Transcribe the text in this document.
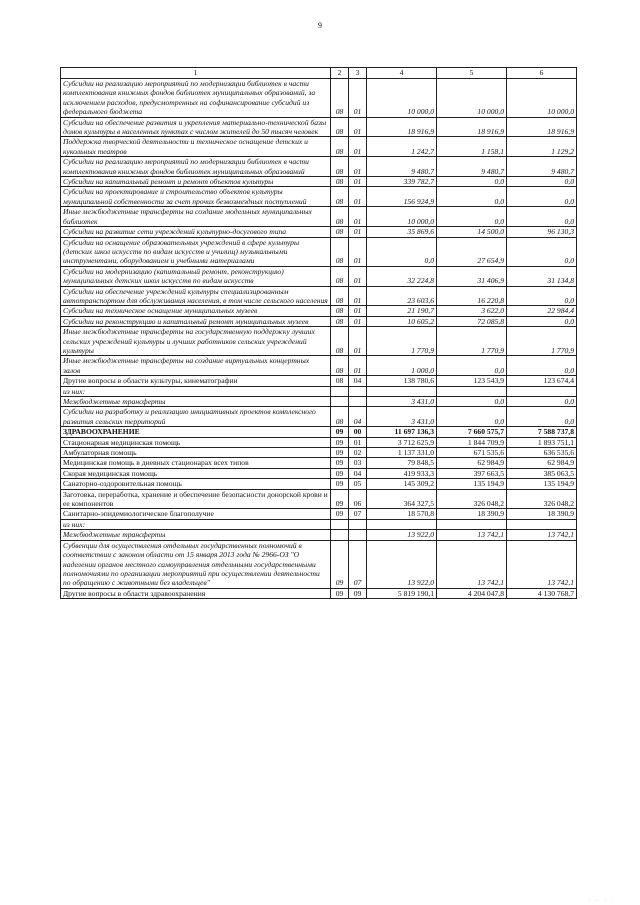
9
1	2	3	4	5	6
Субсидии на реализацию мероприятий по модернизации библиотек в части комплектования книжных фондов библиотек муниципальных образований, за исключением расходов, предусмотренных на софинансирование субсидий из федерального бюджета	08	01	10 000,0	10 000,0	10 000,0
Субсидии на обеспечение развития и укрепления материально-технической базы домов культуры в населенных пунктах с числом жителей до 50 тысяч человек	08	01	18 916,9	18 916,9	18 916,9
Поддержка творческой деятельности и техническое оснащение детских и кукольных театров	08	01	1 242,7	1 158,1	1 129,2
Субсидии на реализацию мероприятий по модернизации библиотек в части комплектования книжных фондов библиотек муниципальных образований	08	01	9 480,7	9 480,7	9 480,7
Субсидии на капитальный ремонт и ремонт объектов культуры	08	01	339 782,7	0,0	0,0
Субсидии на проектирование и строительство объектов культуры муниципальной собственности за счет прочих безвозмездных поступлений	08	01	156 924,9	0,0	0,0
Иные межбюджетные трансферты на создание модельных муниципальных библиотек	08	01	10 000,0	0,0	0,0
Субсидии на развитие сети учреждений культурно-досугового типа	08	01	35 869,6	14 500,0	96 130,3
Субсидии на оснащение образовательных учреждений в сфере культуры (детских школ искусств по видам искусств и училищ) музыкальными инструментами, оборудованием и учебными материалами	08	01	0,0	27 654,9	0,0
Субсидии на модернизацию (капитальный ремонт, реконструкцию) муниципальных детских школ искусств по видам искусств	08	01	32 224,8	31 406,9	31 134,8
Субсидии на обеспечение учреждений культуры специализированным автотранспортом для обслуживания населения, в том числе сельского населения	08	01	23 603,6	16 220,8	0,0
Субсидии на техническое оснащение муниципальных музеев	08	01	21 190,7	3 622,0	22 984,4
Субсидии на реконструкцию и капитальный ремонт муниципальных музеев	08	01	10 605,2	72 085,8	0,0
Иные межбюджетные трансферты на государственную поддержку лучших сельских учреждений культуры и лучших работников сельских учреждений культуры	08	01	1 770,9	1 770,9	1 770,9
Иные межбюджетные трансферты на создание виртуальных концертных залов	08	01	1 000,0	0,0	0,0
Другие вопросы в области культуры, кинематографии	08	04	138 780,6	123 543,9	123 674,4
из них:					
Межбюджетные трансферты			3 431,0	0,0	0,0
Субсидии на разработку и реализацию инициативных проектов комплексного развития сельских территорий	08	04	3 431,0	0,0	0,0
ЗДРАВООХРАНЕНИЕ	09	00	11 697 136,3	7 660 575,7	7 588 737,8
Стационарная медицинская помощь	09	01	3 712 625,9	1 844 709,9	1 893 751,1
Амбулаторная помощь	09	02	1 137 331,0	671 535,6	636 535,6
Медицинская помощь в дневных стационарах всех типов	09	03	79 848,5	62 984,9	62 984,9
Скорая медицинская помощь	09	04	419 933,3	397 663,5	385 063,5
Санаторно-оздоровительная помощь	09	05	145 309,2	135 194,9	135 194,9
Заготовка, переработка, хранение и обеспечение безопасности донорской крови и ее компонентов	09	06	364 327,5	326 048,2	326 048,2
Санитарно-эпидемиологическое благополучие	09	07	18 570,8	18 390,9	18 390,9
из них:					
Межбюджетные трансферты			13 922,0	13 742,1	13 742,1
Субвенции для осуществления отдельных государственных полномочий в соответствии с законом области от 15 января 2013 года № 2966-ОЗ "О наделении органов местного самоуправления отдельными государственными полномочиями по организации мероприятий при осуществлении деятельности по обращению с животными без владельцев"	09	07	13 922,0	13 742,1	13 742,1
Другие вопросы в области здравоохранения	09	09	5 819 190,1	4 204 047,8	4 130 768,7
· ·· · ·
